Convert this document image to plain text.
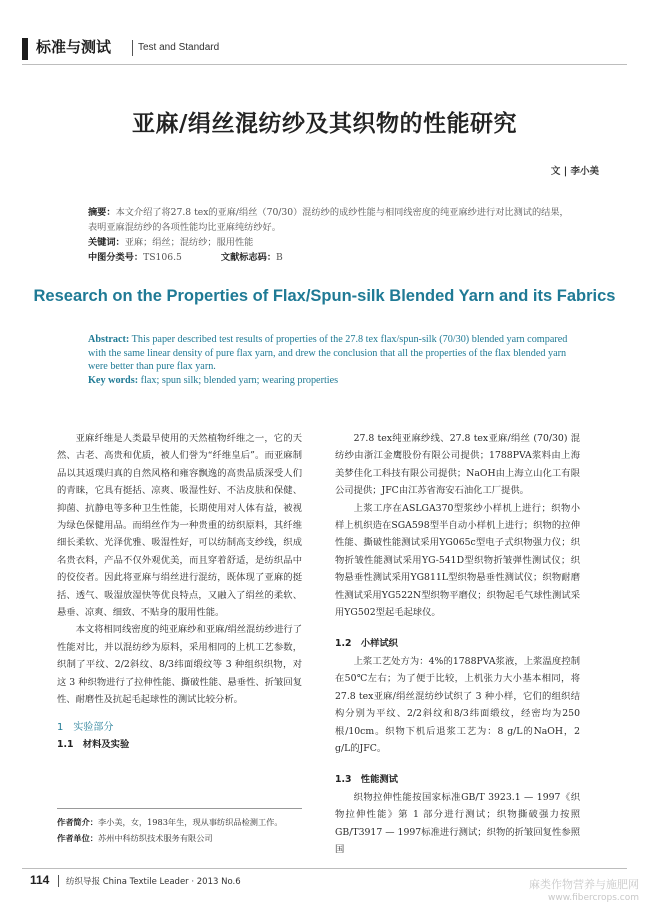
标准与测试	Test and Standard
亚麻/绢丝混纺纱及其织物的性能研究
文 | 李小美

摘要：本文介绍了将27.8 tex的亚麻/绢丝（70/30）混纺纱的成纱性能与相同线密度的纯亚麻纱进行对比测试的结果，表明亚麻混纺纱的各项性能均比亚麻纯纺纱好。

关键词：亚麻；绢丝；混纺纱；服用性能

中图分类号：TS106.5	文献标志码：B

Research on the Properties of Flax/Spun-silk Blended Yarn and its Fabrics

Abstract: This paper described test results of properties of the 27.8 tex flax/spun-silk (70/30) blended yarn compared with the same linear density of pure flax yarn, and drew the conclusion that all the properties of the flax blended yarn were better than pure flax yarn.

Key words: flax; spun silk; blended yarn; wearing properties

亚麻纤维是人类最早使用的天然植物纤维之一，它的天然、古老、高贵和优质，被人们誉为“纤维皇后”。而亚麻制品以其返璞归真的自然风格和雍容飘逸的高贵品质深受人们的青睐，它具有挺括、凉爽、吸湿性好、不沾皮肤和保健、抑菌、抗静电等多种卫生性能，长期使用对人体有益，被视为绿色保健用品。而绢丝作为一种贵重的纺织原料，其纤维细长柔软、光泽优雅、吸湿性好，可以纺制高支纱线，织成名贵衣料，产品不仅外观优美，而且穿着舒适，是纺织品中的佼佼者。因此将亚麻与绢丝进行混纺，既体现了亚麻的挺括、透气、吸湿放湿快等优良特点，又融入了绢丝的柔软、悬垂、凉爽、细致、不贴身的服用性能。

本文将相同线密度的纯亚麻纱和亚麻/绢丝混纺纱进行了性能对比，并以混纺纱为原料，采用相同的上机工艺参数，织制了平纹、2/2斜纹、8/3纬面缎纹等 3 种组织织物，对这 3 种织物进行了拉伸性能、撕破性能、悬垂性、折皱回复性、耐磨性及抗起毛起球性的测试比较分析。

1　实验部分
1.1　材料及实验

27.8 tex纯亚麻纱线、27.8 tex亚麻/绢丝 (70/30) 混纺纱由浙江金鹰股份有限公司提供；1788PVA浆料由上海美梦佳化工科技有限公司提供；NaOH由上海立山化工有限公司提供；JFC由江苏省海安石油化工厂提供。

上浆工序在ASLGA370型浆纱小样机上进行；织物小样上机织造在SGA598型半自动小样机上进行；织物的拉伸性能、撕破性能测试采用YG065c型电子式织物强力仪；织物折皱性能测试采用YG-541D型织物折皱弹性测试仪；织物悬垂性测试采用YG811L型织物悬垂性测试仪；织物耐磨性测试采用YG522N型织物平磨仪；织物起毛气球性测试采用YG502型起毛起球仪。

1.2　小样试织

上浆工艺处方为：4%的1788PVA浆液，上浆温度控制在50℃左右；为了便于比较，上机张力大小基本相同，将27.8 tex亚麻/绢丝混纺纱试织了 3 种小样，它们的组织结构分别为平纹、2/2斜纹和8/3纬面缎纹，经密均为250根/10cm。织物下机后退浆工艺为：8 g/L的NaOH，2 g/L的JFC。

1.3　性能测试

织物拉伸性能按国家标准GB/T 3923.1 — 1997《织物拉伸性能》第 1 部分进行测试；织物撕破强力按照GB/T3917 — 1997标准进行测试；织物的折皱回复性参照国

作者简介：李小美，女，1983年生，现从事纺织品检测工作。
作者单位：苏州中科纺织技术服务有限公司
114 纺织导报 China Textile Leader · 2013 No.6	麻类作物营养与施肥网
www.fibercrops.com
